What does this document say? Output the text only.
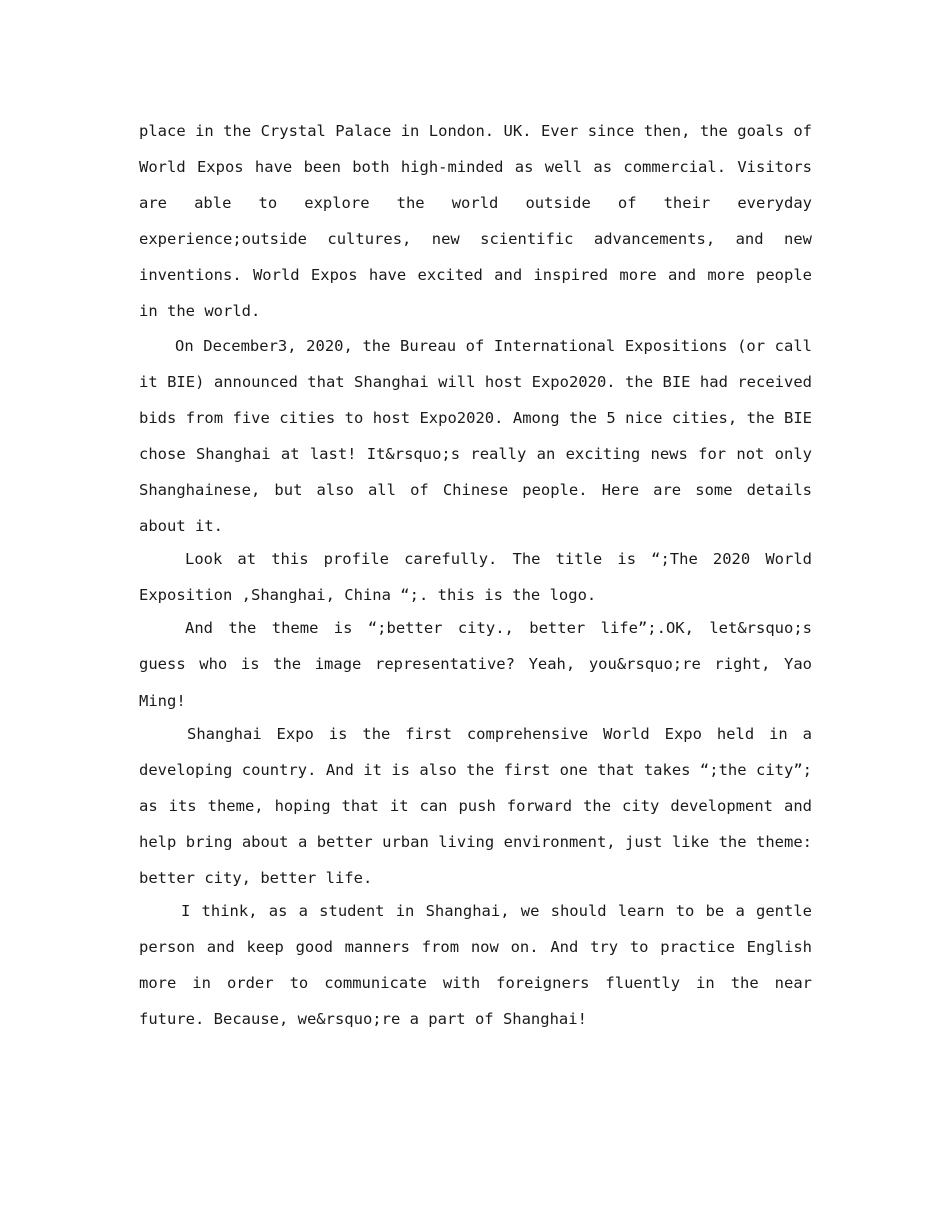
place in the Crystal Palace in London. UK. Ever since then, the goals of World Expos have been both high-minded as well as commercial. Visitors are able to explore the world outside of their everyday experience;outside cultures, new scientific advancements, and new inventions. World Expos have excited and inspired more and more people in the world.

On December3, 2020, the Bureau of International Expositions (or call it BIE) announced that Shanghai will host Expo2020. the BIE had received bids from five cities to host Expo2020. Among the 5 nice cities, the BIE chose Shanghai at last! It&rsquo;s really an exciting news for not only Shanghainese, but also all of Chinese people. Here are some details about it.

Look at this profile carefully. The title is “;The 2020 World Exposition ,Shanghai, China “;. this is the logo.

And the theme is “;better city., better life”;.OK, let&rsquo;s guess who is the image representative? Yeah, you&rsquo;re right, Yao Ming!

Shanghai Expo is the first comprehensive World Expo held in a developing country. And it is also the first one that takes “;the city”; as its theme, hoping that it can push forward the city development and help bring about a better urban living environment, just like the theme: better city, better life.

I think, as a student in Shanghai, we should learn to be a gentle person and keep good manners from now on. And try to practice English more in order to communicate with foreigners fluently in the near future. Because, we&rsquo;re a part of Shanghai!
